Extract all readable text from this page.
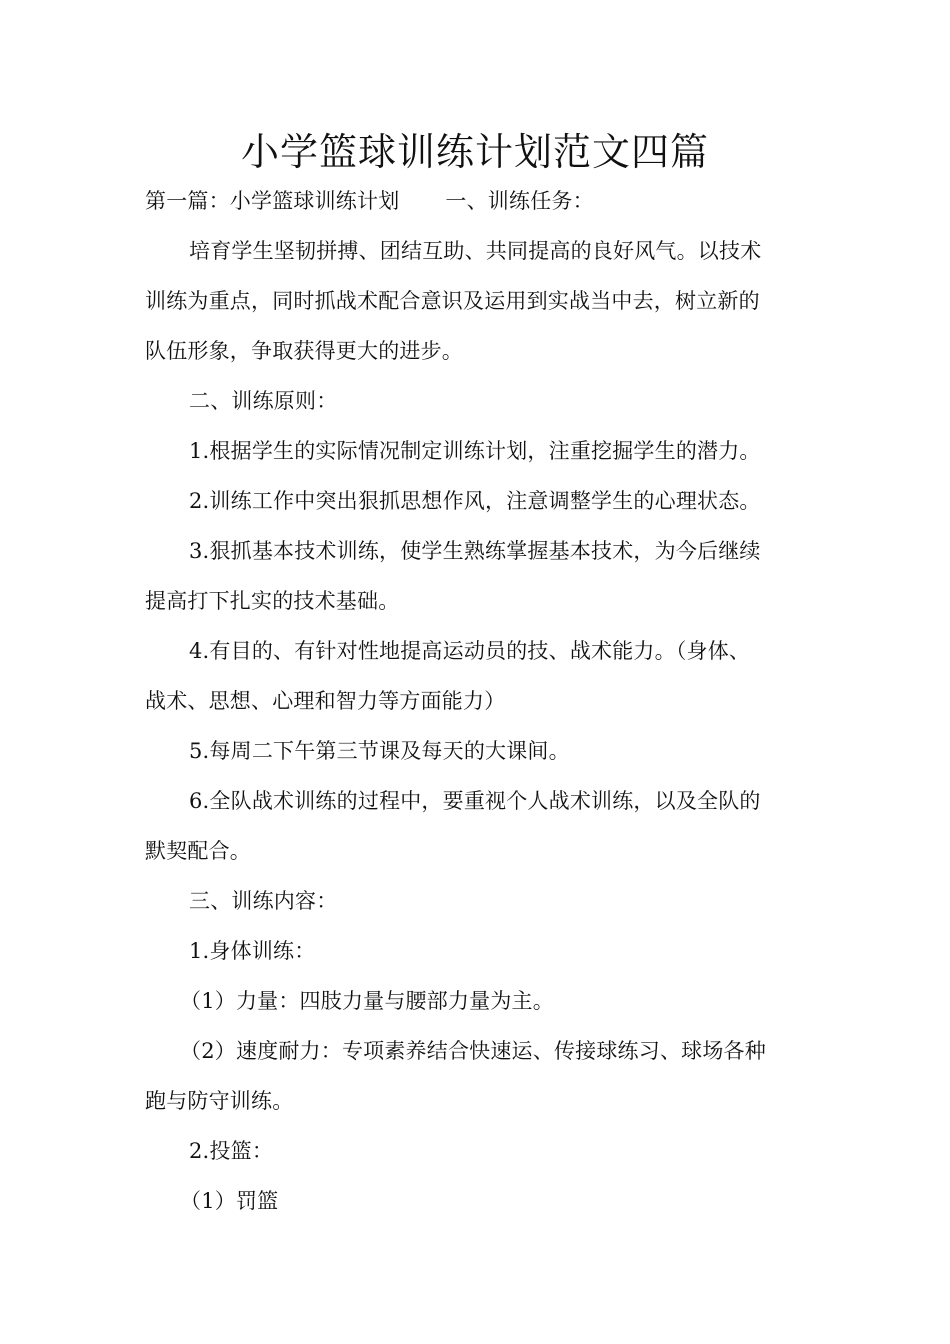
小学篮球训练计划范文四篇
第一篇：小学篮球训练计划 一、训练任务：
培育学生坚韧拼搏、团结互助、共同提高的良好风气。以技术
训练为重点，同时抓战术配合意识及运用到实战当中去，树立新的
队伍形象，争取获得更大的进步。
二、训练原则：
1.根据学生的实际情况制定训练计划，注重挖掘学生的潜力。
2.训练工作中突出狠抓思想作风，注意调整学生的心理状态。
3.狠抓基本技术训练，使学生熟练掌握基本技术，为今后继续
提高打下扎实的技术基础。
4.有目的、有针对性地提高运动员的技、战术能力。（身体、
战术、思想、心理和智力等方面能力）
5.每周二下午第三节课及每天的大课间。
6.全队战术训练的过程中，要重视个人战术训练，以及全队的
默契配合。
三、训练内容：
1.身体训练：
（1）力量：四肢力量与腰部力量为主。
（2）速度耐力：专项素养结合快速运、传接球练习、球场各种
跑与防守训练。
2.投篮：
（1）罚篮
